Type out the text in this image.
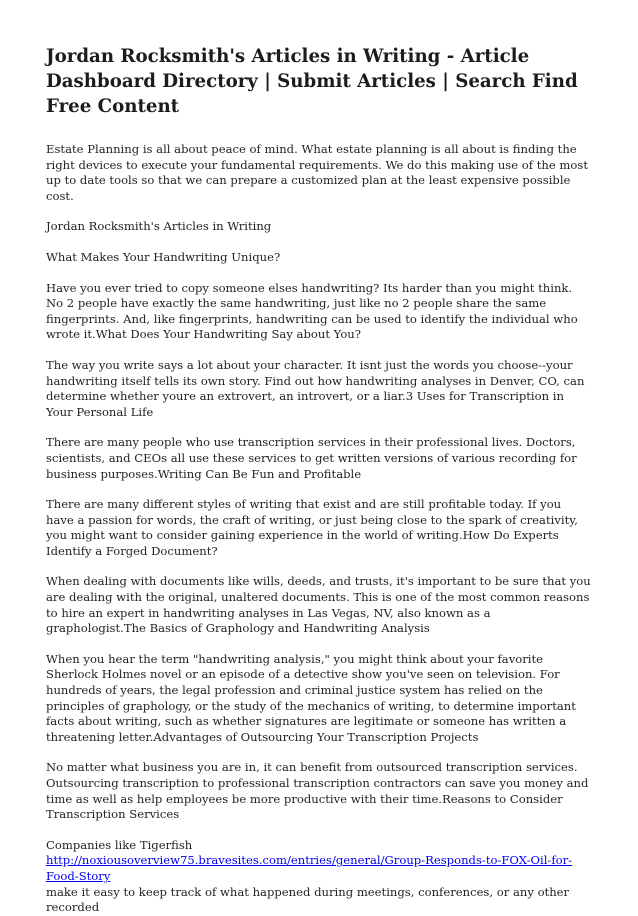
Jordan Rocksmith's Articles in Writing - Article Dashboard Directory | Submit Articles | Search Find Free Content

Estate Planning is all about peace of mind. What estate planning is all about is finding the right devices to execute your fundamental requirements. We do this making use of the most up to date tools so that we can prepare a customized plan at the least expensive possible cost.

Jordan Rocksmith's Articles in Writing

What Makes Your Handwriting Unique?

Have you ever tried to copy someone elses handwriting? Its harder than you might think. No 2 people have exactly the same handwriting, just like no 2 people share the same fingerprints. And, like fingerprints, handwriting can be used to identify the individual who wrote it.What Does Your Handwriting Say about You?

The way you write says a lot about your character. It isnt just the words you choose--your handwriting itself tells its own story. Find out how handwriting analyses in Denver, CO, can determine whether youre an extrovert, an introvert, or a liar.3 Uses for Transcription in Your Personal Life

There are many people who use transcription services in their professional lives. Doctors, scientists, and CEOs all use these services to get written versions of various recording for business purposes.Writing Can Be Fun and Profitable

There are many different styles of writing that exist and are still profitable today. If you have a passion for words, the craft of writing, or just being close to the spark of creativity, you might want to consider gaining experience in the world of writing.How Do Experts Identify a Forged Document?

When dealing with documents like wills, deeds, and trusts, it's important to be sure that you are dealing with the original, unaltered documents. This is one of the most common reasons to hire an expert in handwriting analyses in Las Vegas, NV, also known as a graphologist.The Basics of Graphology and Handwriting Analysis

When you hear the term "handwriting analysis," you might think about your favorite Sherlock Holmes novel or an episode of a detective show you've seen on television. For hundreds of years, the legal profession and criminal justice system has relied on the principles of graphology, or the study of the mechanics of writing, to determine important facts about writing, such as whether signatures are legitimate or someone has written a threatening letter.Advantages of Outsourcing Your Transcription Projects

No matter what business you are in, it can benefit from outsourced transcription services. Outsourcing transcription to professional transcription contractors can save you money and time as well as help employees be more productive with their time.Reasons to Consider Transcription Services

Companies like Tigerfish
http://noxiousoverview75.bravesites.com/entries/general/Group-Responds-to-FOX-Oil-for-Food-Story
make it easy to keep track of what happened during meetings, conferences, or any other recorded
